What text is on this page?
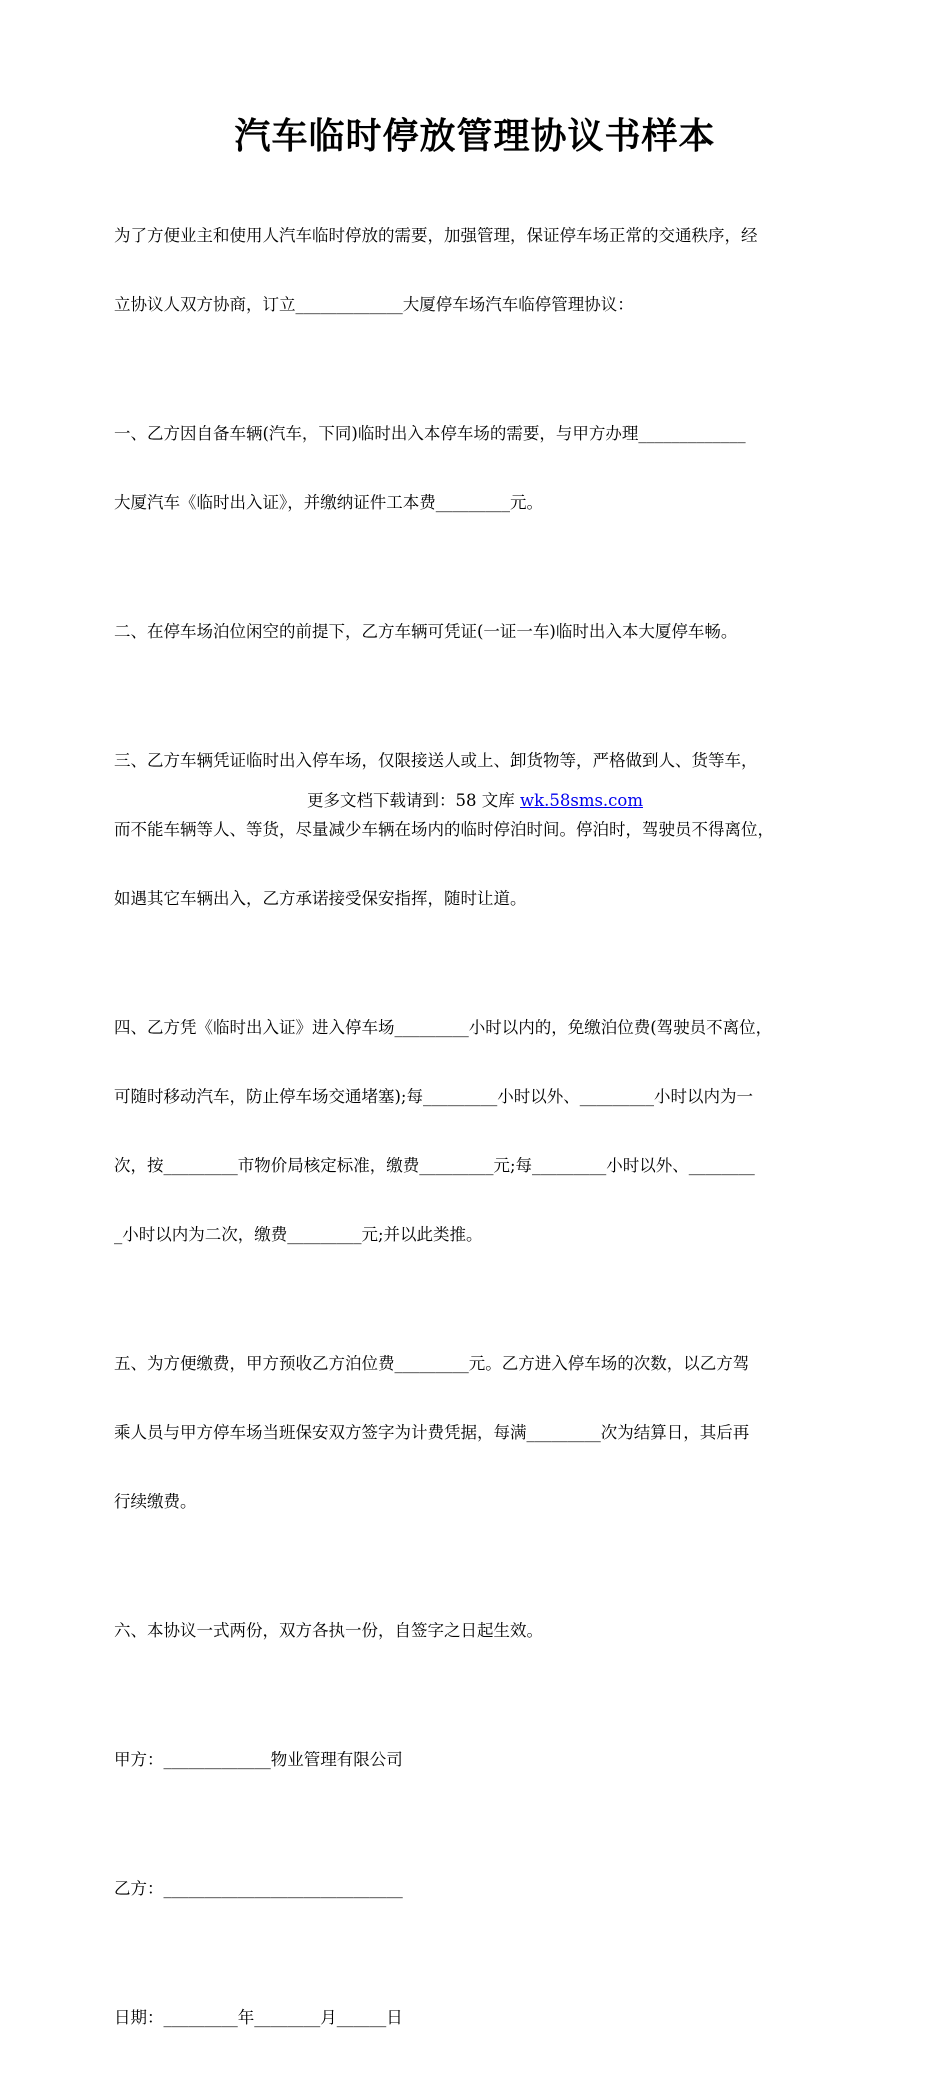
汽车临时停放管理协议书样本

为了方便业主和使用人汽车临时停放的需要，加强管理，保证停车场正常的交通秩序，经

立协议人双方协商，订立_____________大厦停车场汽车临停管理协议：

一、乙方因自备车辆(汽车，下同)临时出入本停车场的需要，与甲方办理_____________

大厦汽车《临时出入证》，并缴纳证件工本费_________元。

二、在停车场泊位闲空的前提下，乙方车辆可凭证(一证一车)临时出入本大厦停车畅。

三、乙方车辆凭证临时出入停车场，仅限接送人或上、卸货物等，严格做到人、货等车，

而不能车辆等人、等货，尽量减少车辆在场内的临时停泊时间。停泊时，驾驶员不得离位，

如遇其它车辆出入，乙方承诺接受保安指挥，随时让道。

四、乙方凭《临时出入证》进入停车场_________小时以内的，免缴泊位费(驾驶员不离位，

可随时移动汽车，防止停车场交通堵塞);每_________小时以外、_________小时以内为一

次，按_________市物价局核定标准，缴费_________元;每_________小时以外、________

_小时以内为二次，缴费_________元;并以此类推。

五、为方便缴费，甲方预收乙方泊位费_________元。乙方进入停车场的次数，以乙方驾

乘人员与甲方停车场当班保安双方签字为计费凭据，每满_________次为结算日，其后再

行续缴费。

六、本协议一式两份，双方各执一份，自签字之日起生效。

甲方：_____________物业管理有限公司

乙方：_____________________________

日期：_________年________月______日

更多文档下载请到：58 文库 wk.58sms.com
